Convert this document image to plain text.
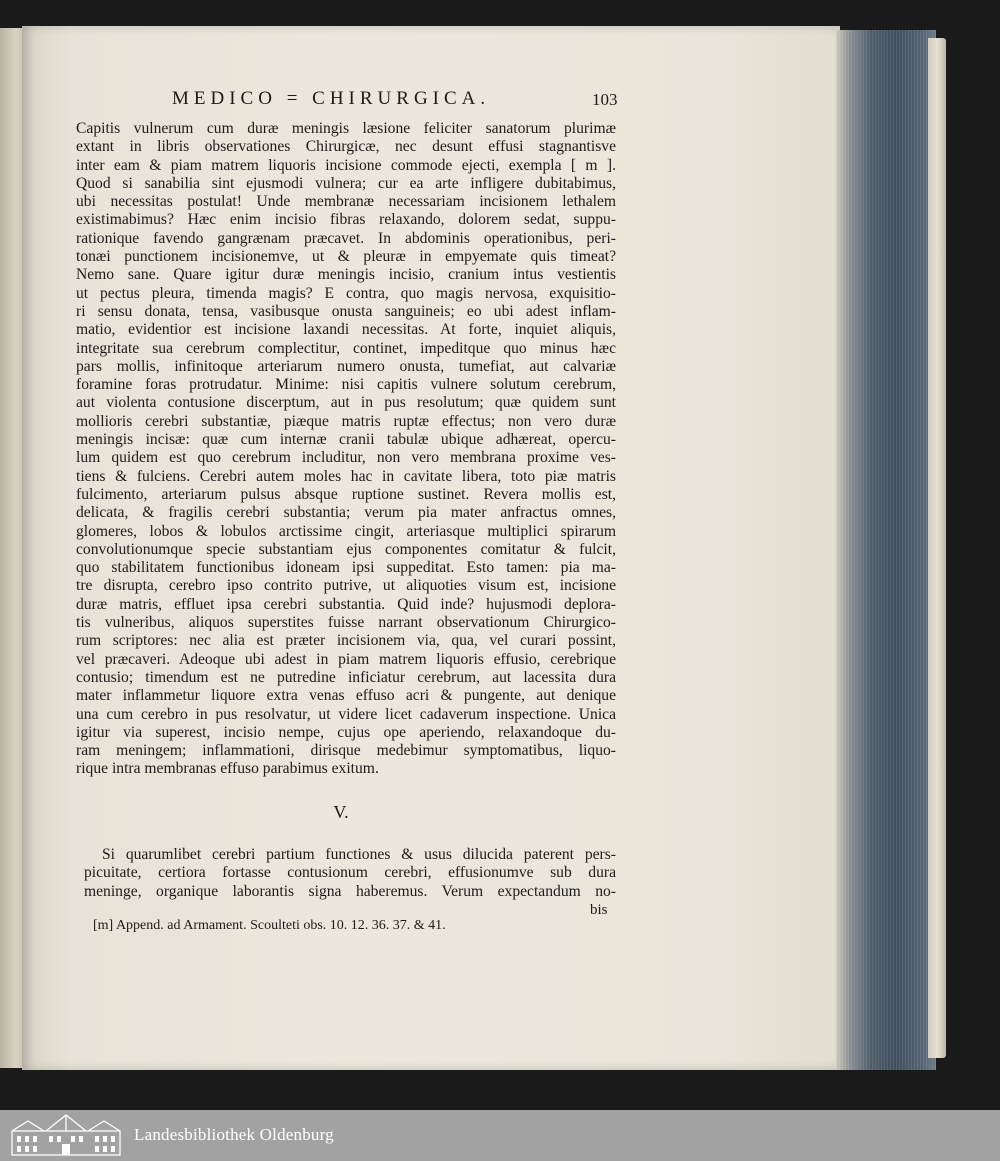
MEDICO = CHIRURGICA.	103
Capitis vulnerum cum duræ meningis læsione feliciter sanatorum plurimæ
extant in libris observationes Chirurgicæ, nec desunt effusi stagnantisve
inter eam & piam matrem liquoris incisione commode ejecti, exempla [ m ].
Quod si sanabilia sint ejusmodi vulnera; cur ea arte infligere dubitabimus,
ubi necessitas postulat! Unde membranæ necessariam incisionem lethalem
existimabimus? Hæc enim incisio fibras relaxando, dolorem sedat, suppu-
rationique favendo gangrænam præcavet. In abdominis operationibus, peri-
tonæi punctionem incisionemve, ut & pleuræ in empyemate quis timeat?
Nemo sane. Quare igitur duræ meningis incisio, cranium intus vestientis
ut pectus pleura, timenda magis? E contra, quo magis nervosa, exquisitio-
ri sensu donata, tensa, vasibusque onusta sanguineis; eo ubi adest inflam-
matio, evidentior est incisione laxandi necessitas. At forte, inquiet aliquis,
integritate sua cerebrum complectitur, continet, impeditque quo minus hæc
pars mollis, infinitoque arteriarum numero onusta, tumefiat, aut calvariæ
foramine foras protrudatur. Minime: nisi capitis vulnere solutum cerebrum,
aut violenta contusione discerptum, aut in pus resolutum; quæ quidem sunt
mollioris cerebri substantiæ, piæque matris ruptæ effectus; non vero duræ
meningis incisæ: quæ cum internæ cranii tabulæ ubique adhæreat, opercu-
lum quidem est quo cerebrum includitur, non vero membrana proxime ves-
tiens & fulciens. Cerebri autem moles hac in cavitate libera, toto piæ matris
fulcimento, arteriarum pulsus absque ruptione sustinet. Revera mollis est,
delicata, & fragilis cerebri substantia; verum pia mater anfractus omnes,
glomeres, lobos & lobulos arctissime cingit, arteriasque multiplici spirarum
convolutionumque specie substantiam ejus componentes comitatur & fulcit,
quo stabilitatem functionibus idoneam ipsi suppeditat. Esto tamen: pia ma-
tre disrupta, cerebro ipso contrito putrive, ut aliquoties visum est, incisione
duræ matris, effluet ipsa cerebri substantia. Quid inde? hujusmodi deplora-
tis vulneribus, aliquos superstites fuisse narrant observationum Chirurgico-
rum scriptores: nec alia est præter incisionem via, qua, vel curari possint,
vel præcaveri. Adeoque ubi adest in piam matrem liquoris effusio, cerebrique
contusio; timendum est ne putredine inficiatur cerebrum, aut lacessita dura
mater inflammetur liquore extra venas effuso acri & pungente, aut denique
una cum cerebro in pus resolvatur, ut videre licet cadaverum inspectione. Unica
igitur via superest, incisio nempe, cujus ope aperiendo, relaxandoque du-
ram meningem; inflammationi, dirisque medebimur symptomatibus, liquo-
rique intra membranas effuso parabimus exitum.
V.
Si quarumlibet cerebri partium functiones & usus dilucida paterent pers-
picuitate, certiora fortasse contusionum cerebri, effusionumve sub dura
meninge, organique laborantis signa haberemus. Verum expectandum no-
bis
[m] Append. ad Armament. Scoulteti obs. 10. 12. 36. 37. & 41.
Landesbibliothek Oldenburg
